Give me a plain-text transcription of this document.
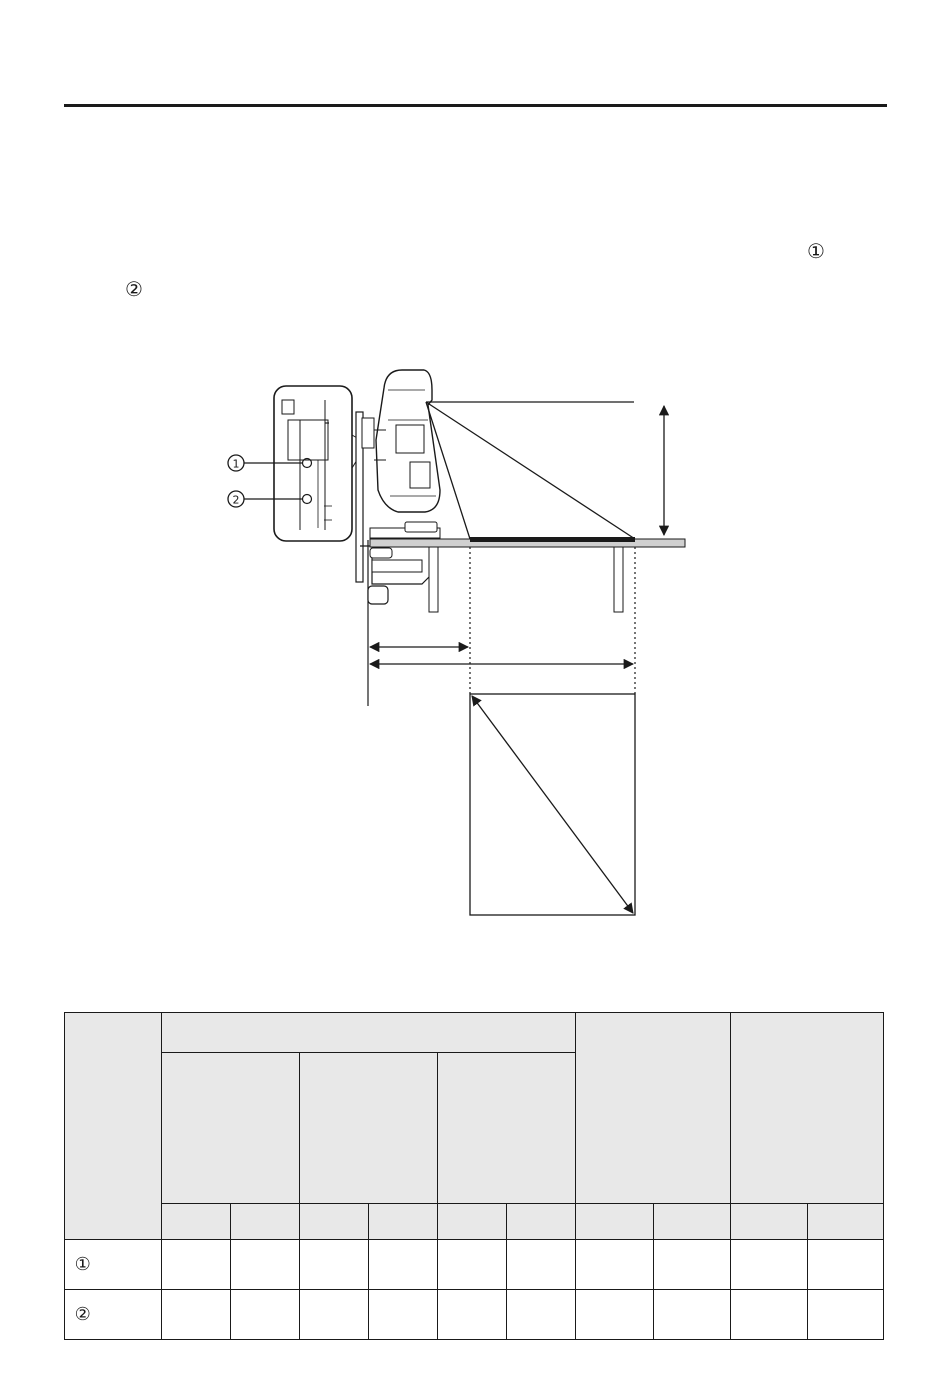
①
②
1
2

①											
②											
